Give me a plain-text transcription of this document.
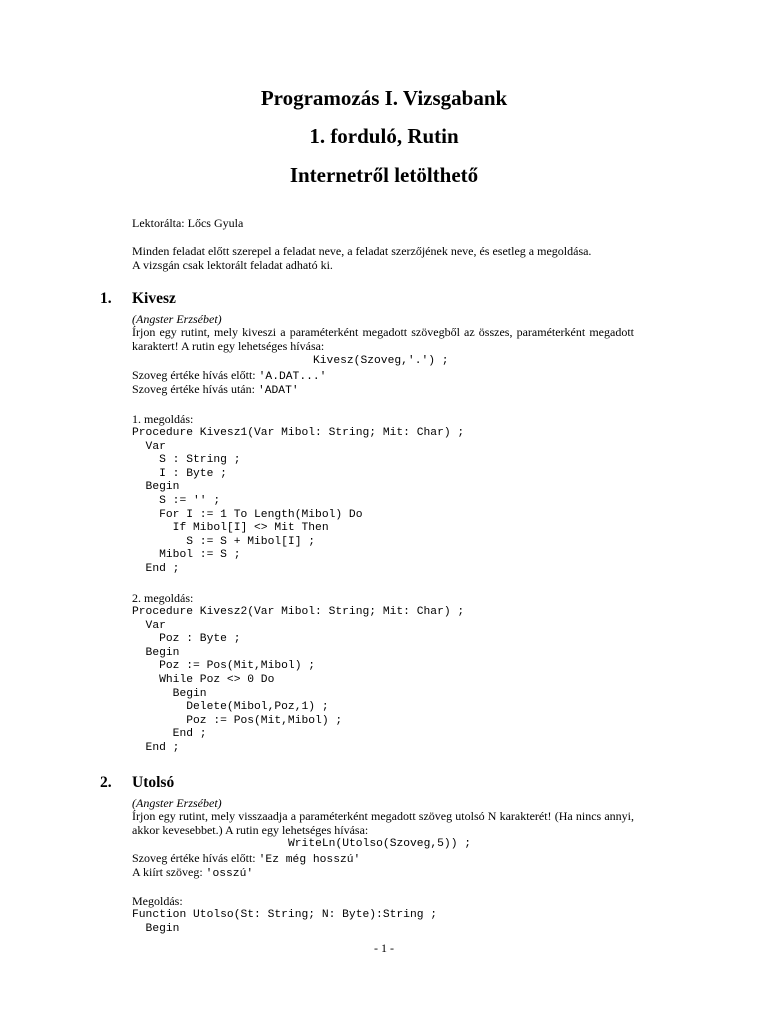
Programozás I. Vizsgabank
1. forduló, Rutin
Internetről letölthető
Lektorálta: Lőcs Gyula
Minden feladat előtt szerepel a feladat neve, a feladat szerzőjének neve, és esetleg a megoldása.
A vizsgán csak lektorált feladat adható ki.
1. Kivesz
(Angster Erzsébet)
Írjon egy rutint, mely kiveszi a paraméterként megadott szövegből az összes, paraméterként megadott karaktert! A rutin egy lehetséges hívása:
Kivesz(Szoveg,'.') ;
Szoveg értéke hívás előtt: 'A.DAT...'
Szoveg értéke hívás után: 'ADAT'
1. megoldás:
Procedure Kivesz1(Var Mibol: String; Mit: Char) ;
Var
S : String ;
I : Byte ;
Begin
S := '' ;
For I := 1 To Length(Mibol) Do
If Mibol[I] <> Mit Then
S := S + Mibol[I] ;
Mibol := S ;
End ;
2. megoldás:
Procedure Kivesz2(Var Mibol: String; Mit: Char) ;
Var
Poz : Byte ;
Begin
Poz := Pos(Mit,Mibol) ;
While Poz <> 0 Do
Begin
Delete(Mibol,Poz,1) ;
Poz := Pos(Mit,Mibol) ;
End ;
End ;
2. Utolsó
(Angster Erzsébet)
Írjon egy rutint, mely visszaadja a paraméterként megadott szöveg utolsó N karakterét! (Ha nincs annyi, akkor kevesebbet.) A rutin egy lehetséges hívása:
WriteLn(Utolso(Szoveg,5)) ;
Szoveg értéke hívás előtt: 'Ez még hosszú'
A kiírt szöveg: 'osszú'
Megoldás:
Function Utolso(St: String; N: Byte):String ;
Begin
- 1 -
